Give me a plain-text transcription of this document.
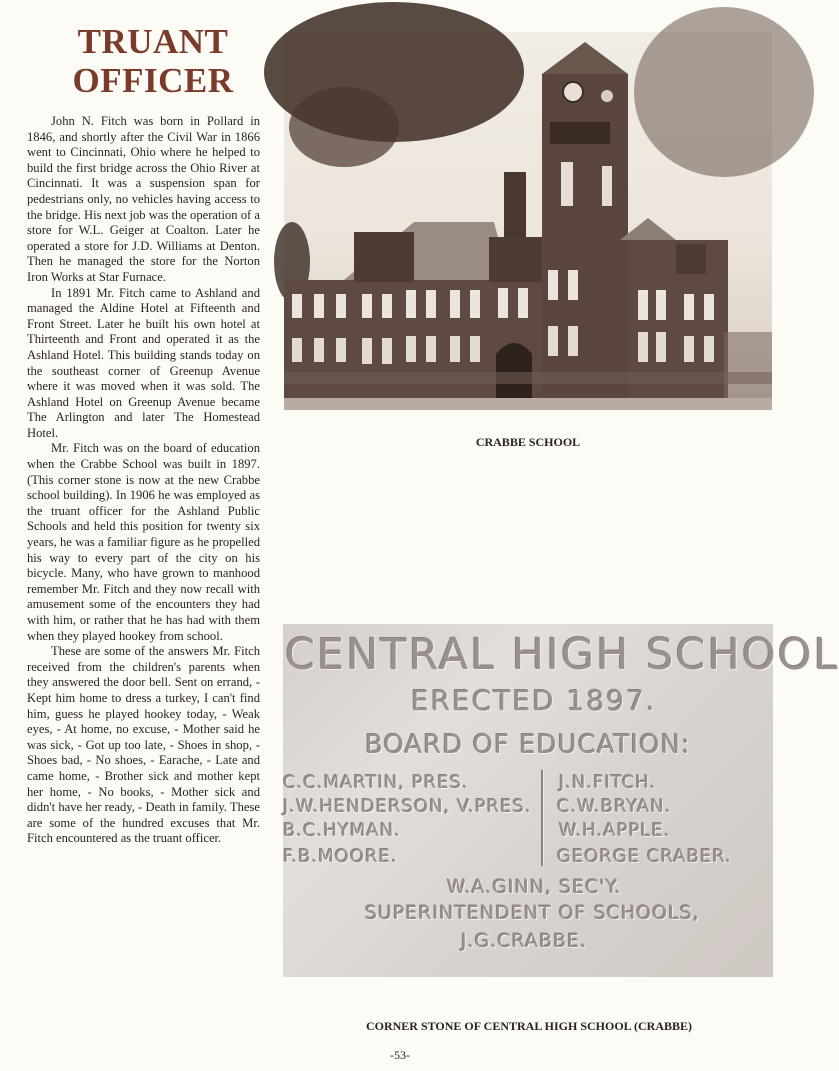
TRUANT
OFFICER

John N. Fitch was born in Pollard in 1846, and shortly after the Civil War in 1866 went to Cincinnati, Ohio where he helped to build the first bridge across the Ohio River at Cincinnati. It was a suspension span for pedestrians only, no vehicles having access to the bridge. His next job was the operation of a store for W.L. Geiger at Coalton. Later he operated a store for J.D. Williams at Denton. Then he managed the store for the Norton Iron Works at Star Furnace.

In 1891 Mr. Fitch came to Ashland and managed the Aldine Hotel at Fifteenth and Front Street. Later he built his own hotel at Thirteenth and Front and operated it as the Ashland Hotel. This building stands today on the southeast corner of Greenup Avenue where it was moved when it was sold. The Ashland Hotel on Greenup Avenue became The Arlington and later The Homestead Hotel.

Mr. Fitch was on the board of education when the Crabbe School was built in 1897. (This corner stone is now at the new Crabbe school building). In 1906 he was employed as the truant officer for the Ashland Public Schools and held this position for twenty six years, he was a familiar figure as he propelled his way to every part of the city on his bicycle. Many, who have grown to manhood remember Mr. Fitch and they now recall with amusement some of the encounters they had with him, or rather that he has had with them when they played hookey from school.

These are some of the answers Mr. Fitch received from the children's parents when they answered the door bell. Sent on errand, - Kept him home to dress a turkey, I can't find him, guess he played hookey today, - Weak eyes, - At home, no excuse, - Mother said he was sick, - Got up too late, - Shoes in shop, - Shoes bad, - No shoes, - Earache, - Late and came home, - Brother sick and mother kept her home, - No books, - Mother sick and didn't have her ready, - Death in family. These are some of the hundred excuses that Mr. Fitch encountered as the truant officer.

CRABBE SCHOOL
CENTRAL HIGH SCHOOL
ERECTED 1897.
BOARD OF EDUCATION:
C.C.MARTIN, PRES.
J.W.HENDERSON, V.PRES.
B.C.HYMAN.
F.B.MOORE.
J.N.FITCH.
C.W.BRYAN.
W.H.APPLE.
GEORGE CRABER.
W.A.GINN, SEC'Y.
SUPERINTENDENT OF SCHOOLS,
J.G.CRABBE.
CORNER STONE OF CENTRAL HIGH SCHOOL (CRABBE)
-53-
